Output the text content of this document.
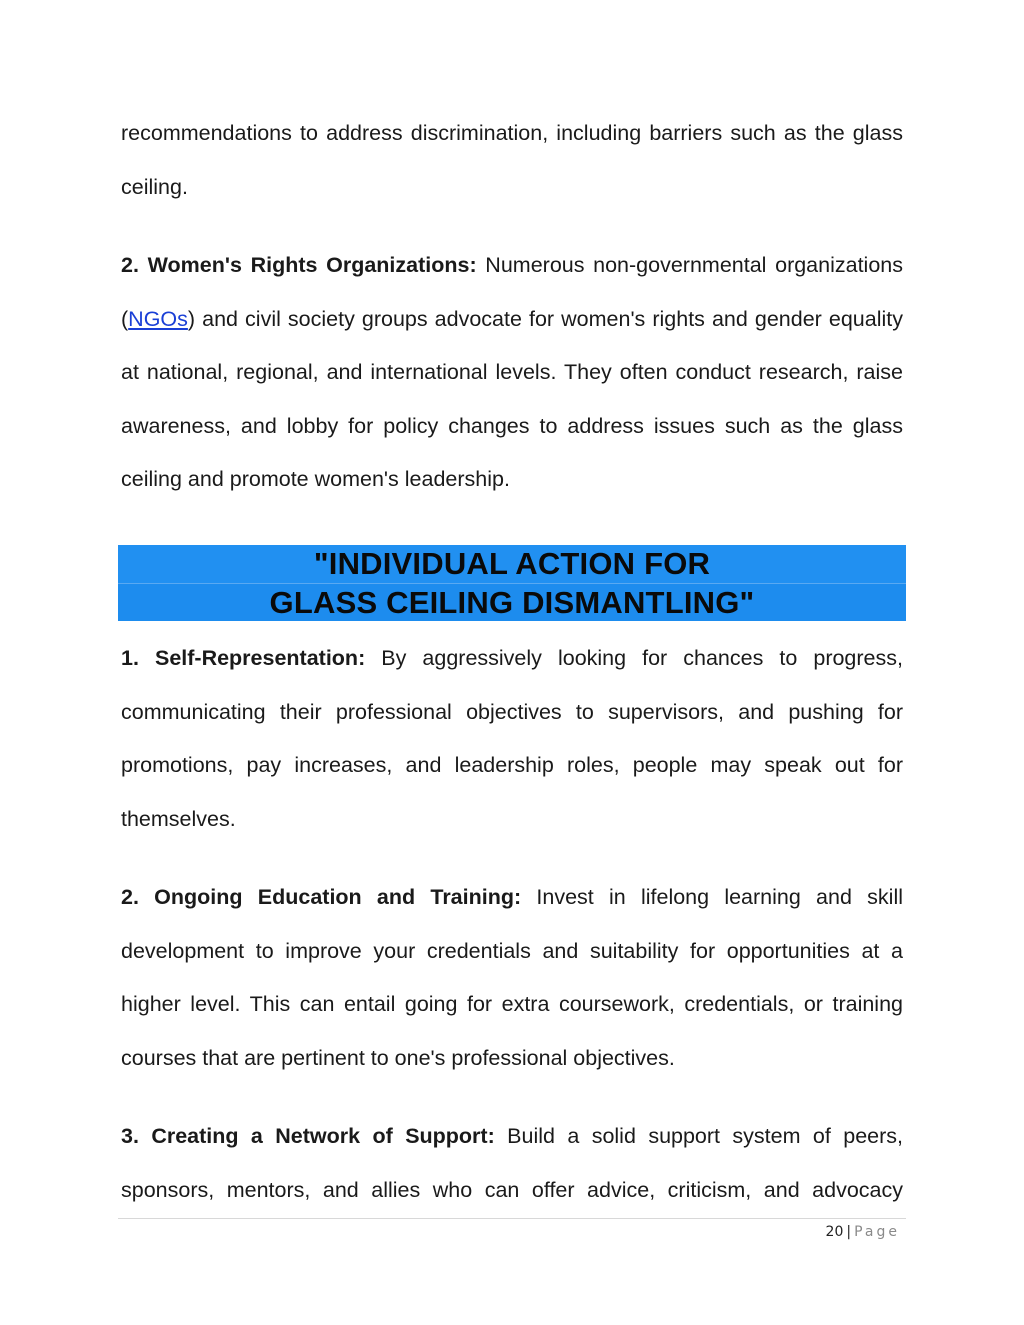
recommendations to address discrimination, including barriers such as the glass ceiling.

2. Women's Rights Organizations: Numerous non-governmental organizations (NGOs) and civil society groups advocate for women's rights and gender equality at national, regional, and international levels. They often conduct research, raise awareness, and lobby for policy changes to address issues such as the glass ceiling and promote women's leadership.

"INDIVIDUAL ACTION FOR
GLASS CEILING DISMANTLING"

1. Self-Representation: By aggressively looking for chances to progress, communicating their professional objectives to supervisors, and pushing for promotions, pay increases, and leadership roles, people may speak out for themselves.

2. Ongoing Education and Training: Invest in lifelong learning and skill development to improve your credentials and suitability for opportunities at a higher level. This can entail going for extra coursework, credentials, or training courses that are pertinent to one's professional objectives.

3. Creating a Network of Support: Build a solid support system of peers, sponsors, mentors, and allies who can offer advice, criticism, and advocacy

20 | Page
